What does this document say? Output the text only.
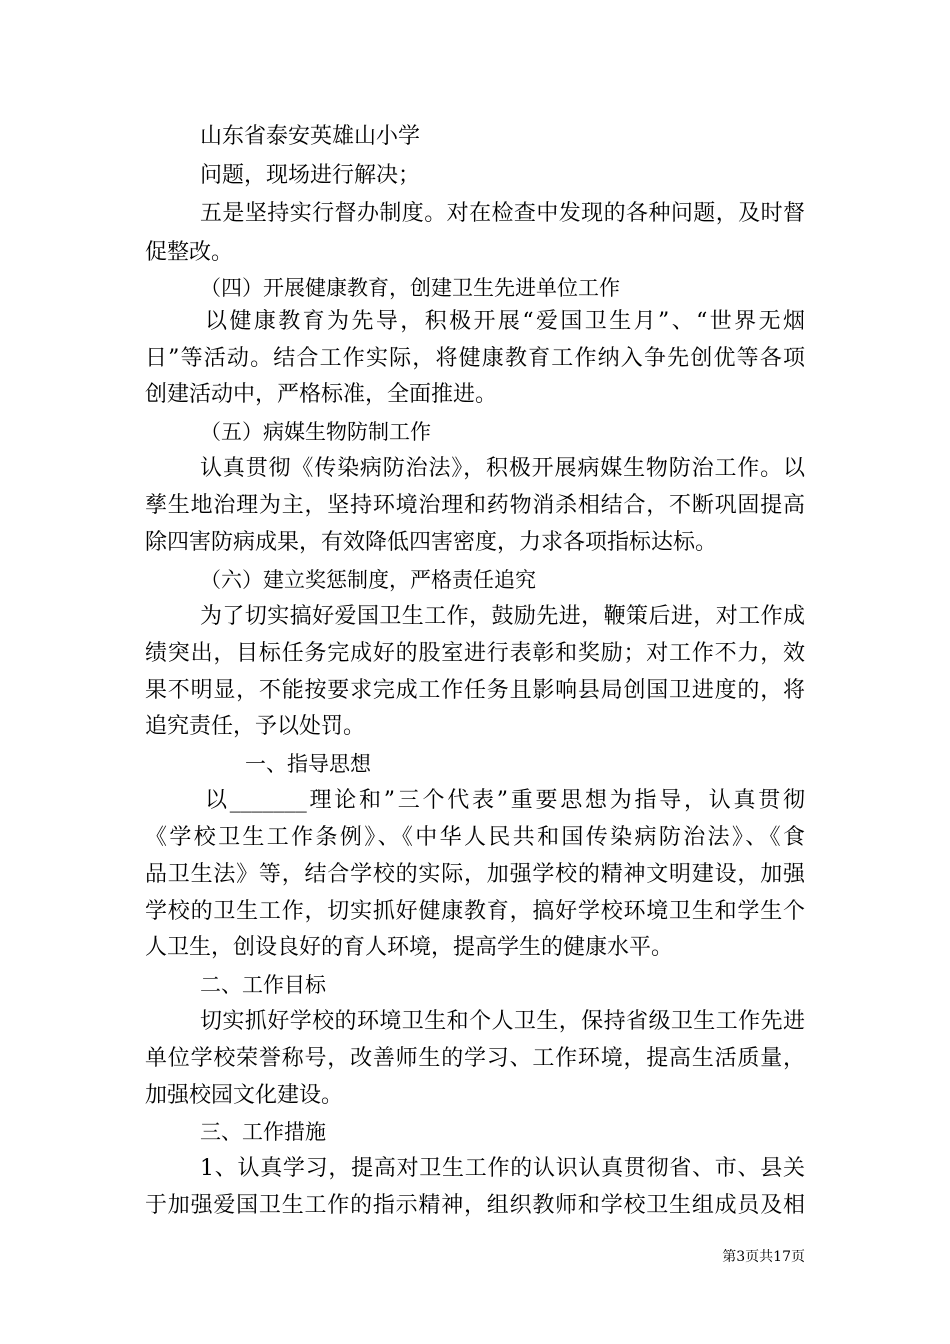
山东省泰安英雄山小学
问题，现场进行解决；
五是坚持实行督办制度。对在检查中发现的各种问题，及时督
促整改。
（四）开展健康教育，创建卫生先进单位工作
以健康教育为先导，积极开展“爱国卫生月”、“世界无烟
日”等活动。结合工作实际，将健康教育工作纳入争先创优等各项
创建活动中，严格标准，全面推进。
（五）病媒生物防制工作
认真贯彻《传染病防治法》，积极开展病媒生物防治工作。以
孳生地治理为主，坚持环境治理和药物消杀相结合，不断巩固提高
除四害防病成果，有效降低四害密度，力求各项指标达标。
（六）建立奖惩制度，严格责任追究
为了切实搞好爱国卫生工作，鼓励先进，鞭策后进，对工作成
绩突出，目标任务完成好的股室进行表彰和奖励；对工作不力，效
果不明显，不能按要求完成工作任务且影响县局创国卫进度的，将
追究责任，予以处罚。
一、指导思想
以_______理论和”三个代表”重要思想为指导，认真贯彻
《学校卫生工作条例》、《中华人民共和国传染病防治法》、《食
品卫生法》等，结合学校的实际，加强学校的精神文明建设，加强
学校的卫生工作，切实抓好健康教育，搞好学校环境卫生和学生个
人卫生，创设良好的育人环境，提高学生的健康水平。
二、工作目标
切实抓好学校的环境卫生和个人卫生，保持省级卫生工作先进
单位学校荣誉称号，改善师生的学习、工作环境，提高生活质量，
加强校园文化建设。
三、工作措施
1、认真学习，提高对卫生工作的认识认真贯彻省、市、县关
于加强爱国卫生工作的指示精神，组织教师和学校卫生组成员及相
第3页共17页
